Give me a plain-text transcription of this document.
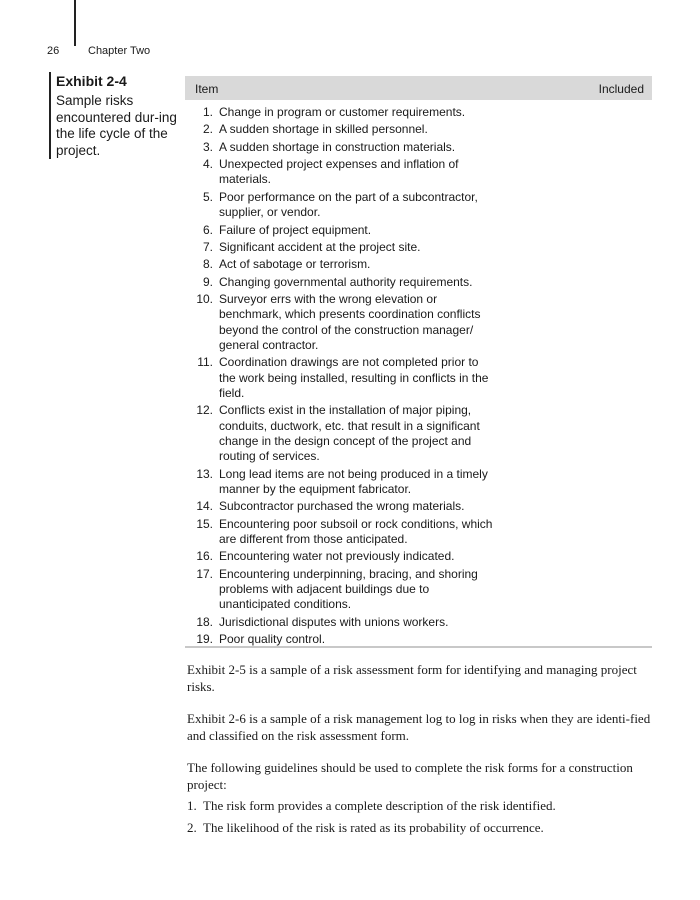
26	Chapter Two
Exhibit 2-4
Sample risks encountered dur-ing the life cycle of the project.
Item	Included
1. Change in program or customer requirements.
2. A sudden shortage in skilled personnel.
3. A sudden shortage in construction materials.
4. Unexpected project expenses and inflation of materials.
5. Poor performance on the part of a subcontractor, supplier, or vendor.
6. Failure of project equipment.
7. Significant accident at the project site.
8. Act of sabotage or terrorism.
9. Changing governmental authority requirements.
10. Surveyor errs with the wrong elevation or benchmark, which presents coordination conflicts beyond the control of the construction manager/ general contractor.
11. Coordination drawings are not completed prior to the work being installed, resulting in conflicts in the field.
12. Conflicts exist in the installation of major piping, conduits, ductwork, etc. that result in a significant change in the design concept of the project and routing of services.
13. Long lead items are not being produced in a timely manner by the equipment fabricator.
14. Subcontractor purchased the wrong materials.
15. Encountering poor subsoil or rock conditions, which are different from those anticipated.
16. Encountering water not previously indicated.
17. Encountering underpinning, bracing, and shoring problems with adjacent buildings due to unanticipated conditions.
18. Jurisdictional disputes with unions workers.
19. Poor quality control.

Exhibit 2-5 is a sample of a risk assessment form for identifying and managing project risks.

Exhibit 2-6 is a sample of a risk management log to log in risks when they are identi-fied and classified on the risk assessment form.

The following guidelines should be used to complete the risk forms for a construction project:

1. The risk form provides a complete description of the risk identified.
2. The likelihood of the risk is rated as its probability of occurrence.
